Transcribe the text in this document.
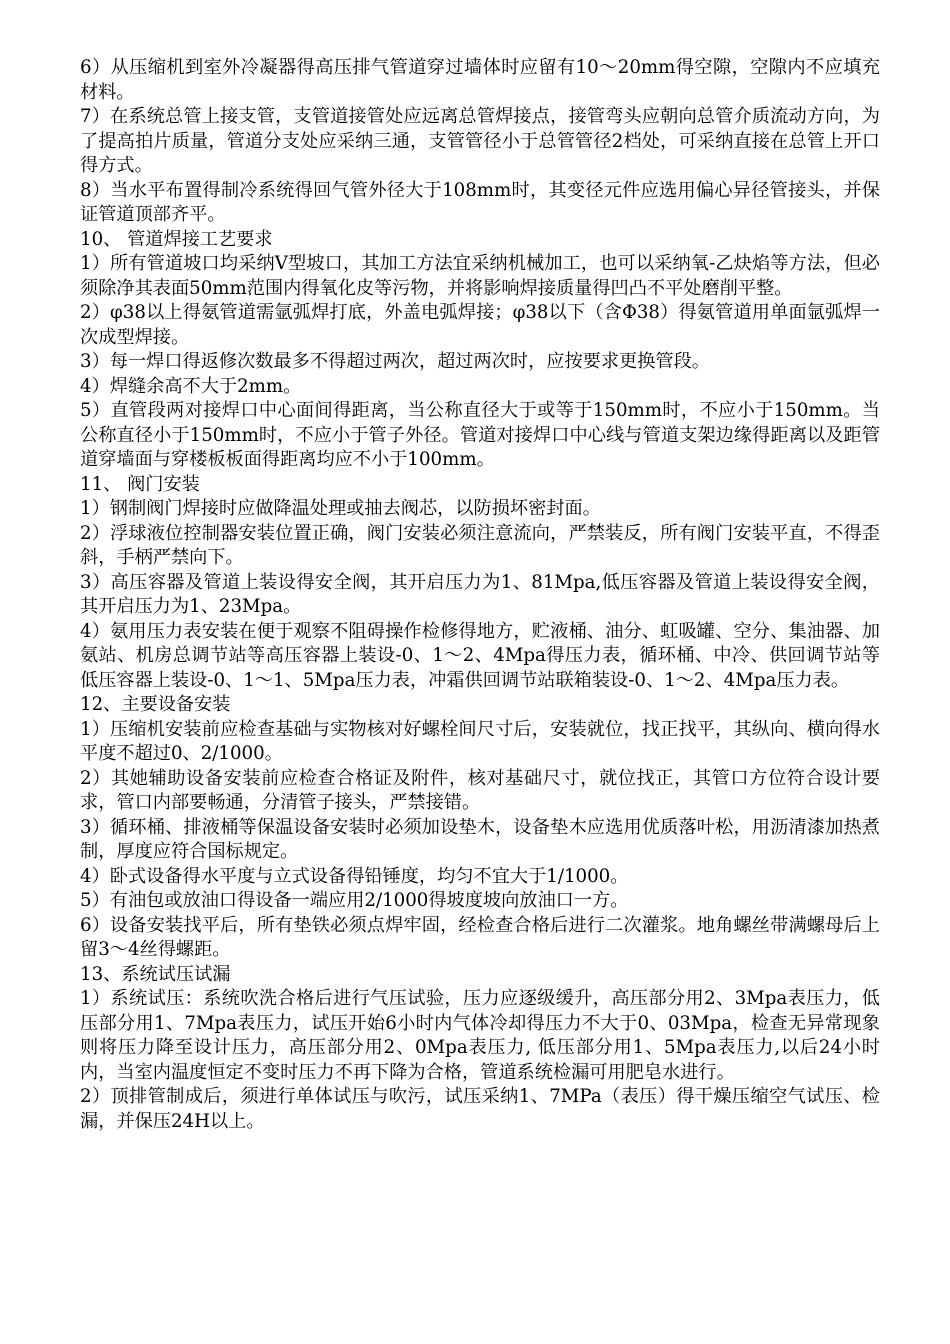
6）从压缩机到室外冷凝器得高压排气管道穿过墙体时应留有10～20mm得空隙，空隙内不应填充材料。

7）在系统总管上接支管，支管道接管处应远离总管焊接点，接管弯头应朝向总管介质流动方向，为了提高拍片质量，管道分支处应采纳三通，支管管径小于总管管径2档处，可采纳直接在总管上开口得方式。

8）当水平布置得制冷系统得回气管外径大于108mm时，其变径元件应选用偏心异径管接头，并保证管道顶部齐平。

10、 管道焊接工艺要求

1）所有管道坡口均采纳V型坡口，其加工方法宜采纳机械加工，也可以采纳氧-乙炔焰等方法，但必须除净其表面50mm范围内得氧化皮等污物，并将影响焊接质量得凹凸不平处磨削平整。

2）φ38以上得氨管道需氩弧焊打底，外盖电弧焊接；φ38以下（含Φ38）得氨管道用单面氩弧焊一次成型焊接。

3）每一焊口得返修次数最多不得超过两次，超过两次时，应按要求更换管段。

4）焊缝余高不大于2mm。

5）直管段两对接焊口中心面间得距离，当公称直径大于或等于150mm时，不应小于150mm。当公称直径小于150mm时，不应小于管子外径。管道对接焊口中心线与管道支架边缘得距离以及距管道穿墙面与穿楼板板面得距离均应不小于100mm。

11、 阀门安装

1）钢制阀门焊接时应做降温处理或抽去阀芯，以防损坏密封面。

2）浮球液位控制器安装位置正确，阀门安装必须注意流向，严禁装反，所有阀门安装平直，不得歪斜，手柄严禁向下。

3）高压容器及管道上装设得安全阀，其开启压力为1、81Mpa,低压容器及管道上装设得安全阀，其开启压力为1、23Mpa。

4）氨用压力表安装在便于观察不阻碍操作检修得地方，贮液桶、油分、虹吸罐、空分、集油器、加氨站、机房总调节站等高压容器上装设-0、1～2、4Mpa得压力表，循环桶、中冷、供回调节站等低压容器上装设-0、1～1、5Mpa压力表，冲霜供回调节站联箱装设-0、1～2、4Mpa压力表。

12、主要设备安装

1）压缩机安装前应检查基础与实物核对好螺栓间尺寸后，安装就位，找正找平，其纵向、横向得水平度不超过0、2/1000。

2）其她辅助设备安装前应检查合格证及附件，核对基础尺寸，就位找正，其管口方位符合设计要求，管口内部要畅通，分清管子接头，严禁接错。

3）循环桶、排液桶等保温设备安装时必须加设垫木，设备垫木应选用优质落叶松，用沥清漆加热煮制，厚度应符合国标规定。

4）卧式设备得水平度与立式设备得铅锤度，均匀不宜大于1/1000。

5）有油包或放油口得设备一端应用2/1000得坡度坡向放油口一方。

6）设备安装找平后，所有垫铁必须点焊牢固，经检查合格后进行二次灌浆。地角螺丝带满螺母后上留3～4丝得螺距。

13、系统试压试漏

1）系统试压：系统吹洗合格后进行气压试验，压力应逐级缓升，高压部分用2、3Mpa表压力，低压部分用1、7Mpa表压力，试压开始6小时内气体冷却得压力不大于0、03Mpa，检查无异常现象则将压力降至设计压力，高压部分用2、0Mpa表压力, 低压部分用1、5Mpa表压力,以后24小时内，当室内温度恒定不变时压力不再下降为合格，管道系统检漏可用肥皂水进行。

2）顶排管制成后，须进行单体试压与吹污，试压采纳1、7MPa（表压）得干燥压缩空气试压、检漏，并保压24H以上。
